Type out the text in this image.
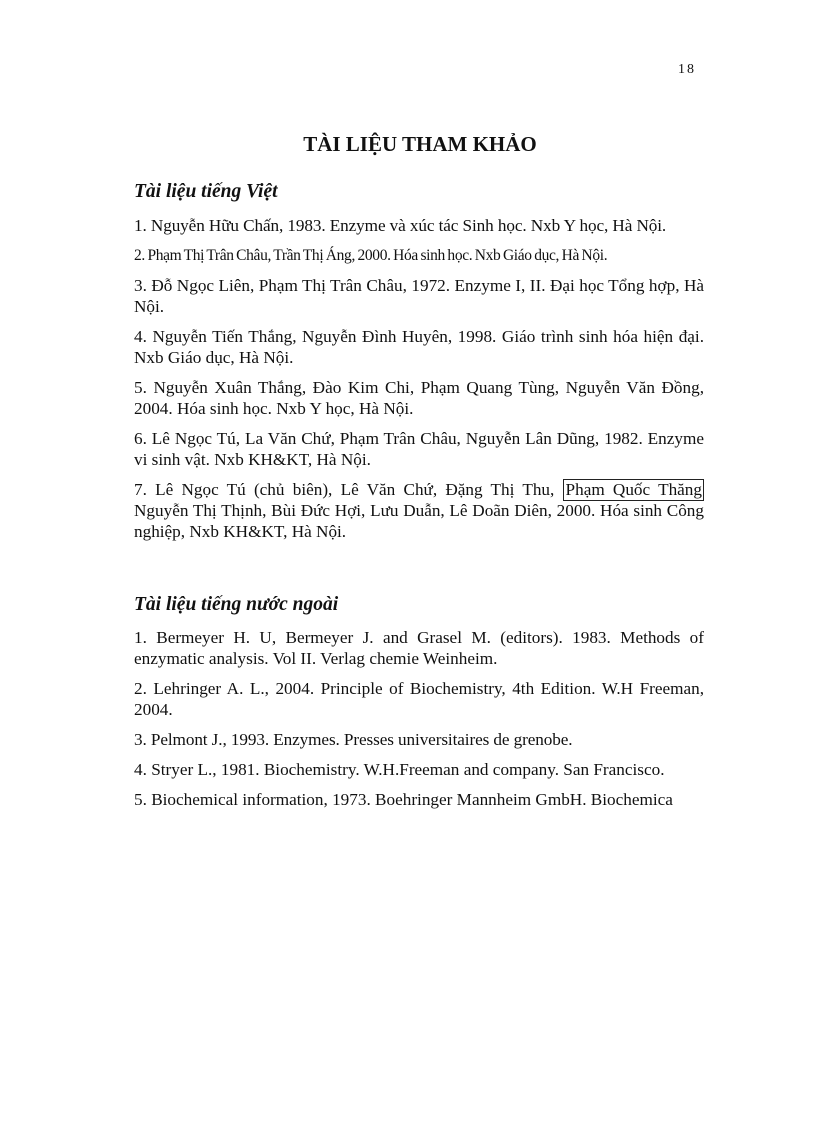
18
TÀI LIỆU THAM KHẢO
Tài liệu tiếng Việt

1. Nguyễn Hữu Chấn, 1983. Enzyme và xúc tác Sinh học. Nxb Y học, Hà Nội.

2. Phạm Thị Trân Châu, Trần Thị Áng, 2000. Hóa sinh học. Nxb Giáo dục, Hà Nội.

3. Đỗ Ngọc Liên, Phạm Thị Trân Châu, 1972. Enzyme I, II. Đại học Tổng hợp, Hà Nội.

4. Nguyễn Tiến Thắng, Nguyễn Đình Huyên, 1998. Giáo trình sinh hóa hiện đại. Nxb Giáo dục, Hà Nội.

5. Nguyễn Xuân Thắng, Đào Kim Chi, Phạm Quang Tùng, Nguyễn Văn Đồng, 2004. Hóa sinh học. Nxb Y học, Hà Nội.

6. Lê Ngọc Tú, La Văn Chứ, Phạm Trân Châu, Nguyễn Lân Dũng, 1982. Enzyme vi sinh vật. Nxb KH&KT, Hà Nội.

7. Lê Ngọc Tú (chủ biên), Lê Văn Chứ, Đặng Thị Thu, Phạm Quốc Thăng Nguyễn Thị Thịnh, Bùi Đức Hợi, Lưu Duẫn, Lê Doãn Diên, 2000. Hóa sinh Công nghiệp, Nxb KH&KT, Hà Nội.

Tài liệu tiếng nước ngoài

1. Bermeyer H. U, Bermeyer J. and Grasel M. (editors). 1983. Methods of enzymatic analysis. Vol II. Verlag chemie Weinheim.

2. Lehringer A. L., 2004. Principle of Biochemistry, 4th Edition. W.H Freeman, 2004.

3. Pelmont J., 1993. Enzymes. Presses universitaires de grenobe.

4. Stryer L., 1981. Biochemistry. W.H.Freeman and company. San Francisco.

5. Biochemical information, 1973. Boehringer Mannheim GmbH. Biochemica
